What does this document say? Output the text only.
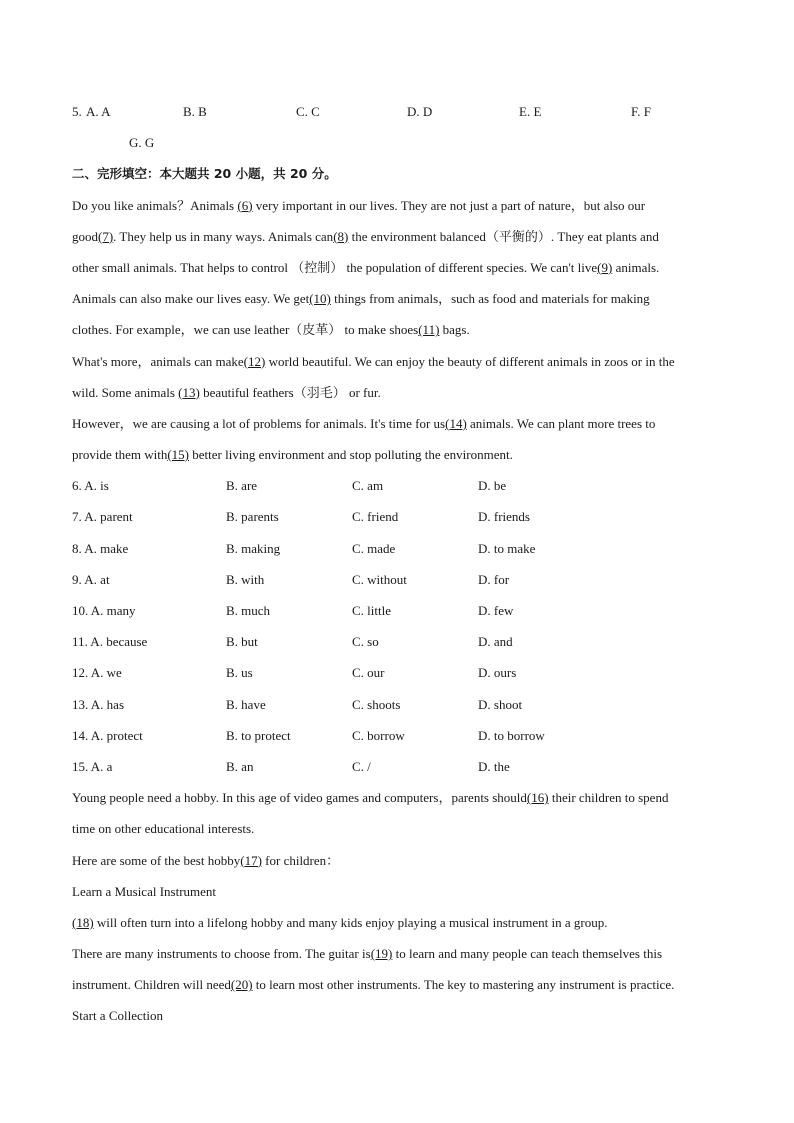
5. A. A	B. B	C. C	D. D	E. E	F. F
G. G
二、完形填空：本大题共 20 小题，共 20 分。
Do you like animals？Animals (6) very important in our lives. They are not just a part of nature，but also our
good(7). They help us in many ways. Animals can(8) the environment balanced（平衡的）. They eat plants and
other small animals. That helps to control （控制） the population of different species. We can't live(9) animals.
Animals can also make our lives easy. We get(10) things from animals，such as food and materials for making
clothes. For example，we can use leather（皮革） to make shoes(11) bags.
What's more，animals can make(12) world beautiful. We can enjoy the beauty of different animals in zoos or in the
wild. Some animals (13) beautiful feathers（羽毛） or fur.
However，we are causing a lot of problems for animals. It's time for us(14) animals. We can plant more trees to
provide them with(15) better living environment and stop polluting the environment.
6. A. is	B. are	C. am	D. be
7. A. parent	B. parents	C. friend	D. friends
8. A. make	B. making	C. made	D. to make
9. A. at	B. with	C. without	D. for
10. A. many	B. much	C. little	D. few
11. A. because	B. but	C. so	D. and
12. A. we	B. us	C. our	D. ours
13. A. has	B. have	C. shoots	D. shoot
14. A. protect	B. to protect	C. borrow	D. to borrow
15. A. a	B. an	C. /	D. the
Young people need a hobby. In this age of video games and computers，parents should(16) their children to spend
time on other educational interests.
Here are some of the best hobby(17) for children：
Learn a Musical Instrument
(18) will often turn into a lifelong hobby and many kids enjoy playing a musical instrument in a group.
There are many instruments to choose from. The guitar is(19) to learn and many people can teach themselves this
instrument. Children will need(20) to learn most other instruments. The key to mastering any instrument is practice.
Start a Collection
